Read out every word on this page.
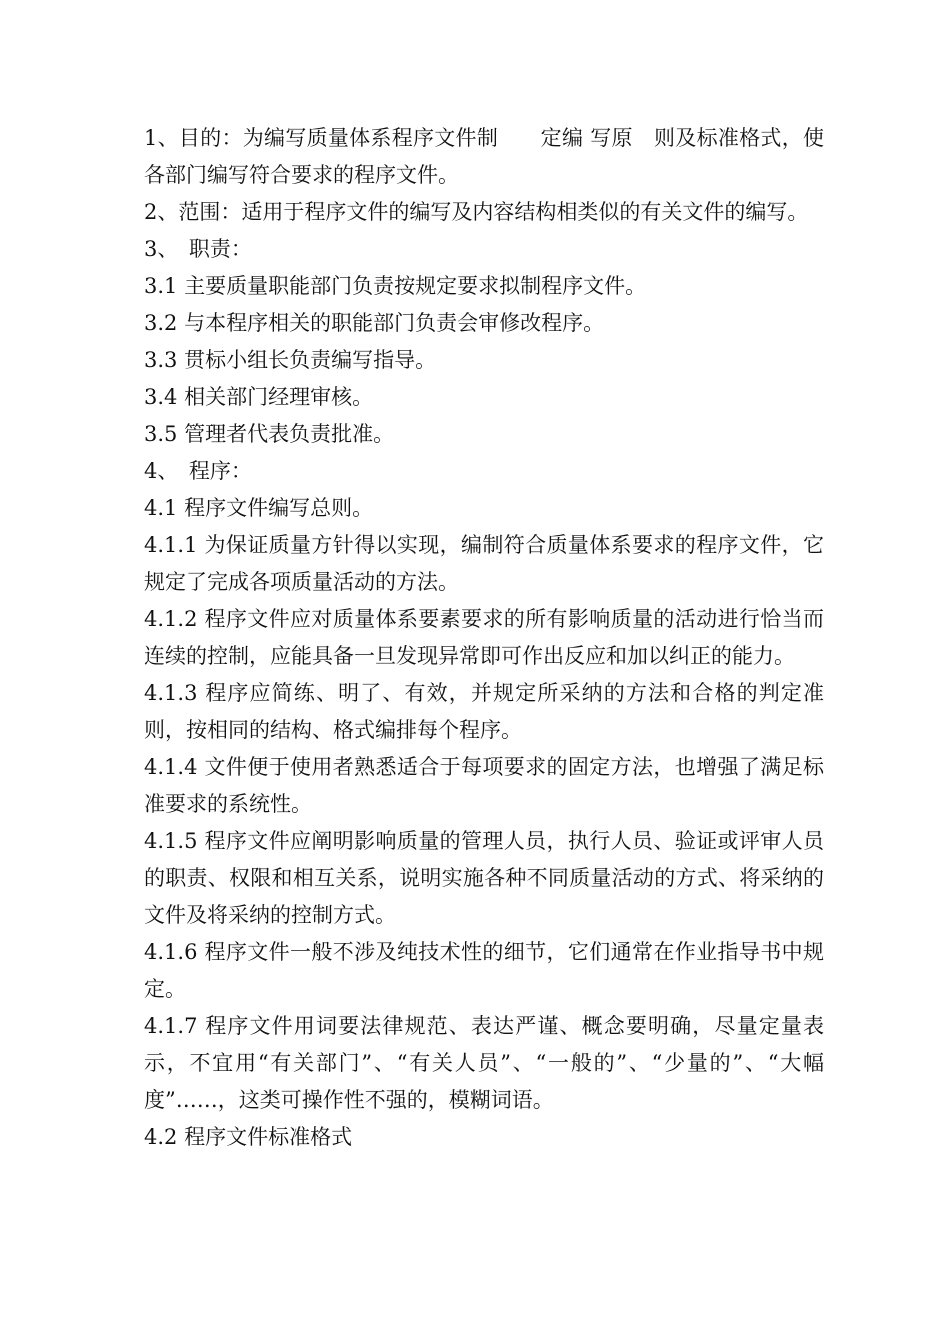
1、目的：为编写质量体系程序文件制　　定编 写原　则及标准格式，使各部门编写符合要求的程序文件。

2、范围：适用于程序文件的编写及内容结构相类似的有关文件的编写。

3、　职责：

3.1 主要质量职能部门负责按规定要求拟制程序文件。

3.2 与本程序相关的职能部门负责会审修改程序。

3.3 贯标小组长负责编写指导。

3.4 相关部门经理审核。

3.5 管理者代表负责批准。

4、　程序：

4.1 程序文件编写总则。

4.1.1 为保证质量方针得以实现，编制符合质量体系要求的程序文件，它规定了完成各项质量活动的方法。

4.1.2 程序文件应对质量体系要素要求的所有影响质量的活动进行恰当而连续的控制，应能具备一旦发现异常即可作出反应和加以纠正的能力。

4.1.3 程序应简练、明了、有效，并规定所采纳的方法和合格的判定准则，按相同的结构、格式编排每个程序。

4.1.4 文件便于使用者熟悉适合于每项要求的固定方法，也增强了满足标准要求的系统性。

4.1.5 程序文件应阐明影响质量的管理人员，执行人员、验证或评审人员的职责、权限和相互关系，说明实施各种不同质量活动的方式、将采纳的文件及将采纳的控制方式。

4.1.6 程序文件一般不涉及纯技术性的细节，它们通常在作业指导书中规定。

4.1.7 程序文件用词要法律规范、表达严谨、概念要明确，尽量定量表示，不宜用“有关部门”、“有关人员”、“一般的”、“少量的”、“大幅度”……，这类可操作性不强的，模糊词语。

4.2 程序文件标准格式
